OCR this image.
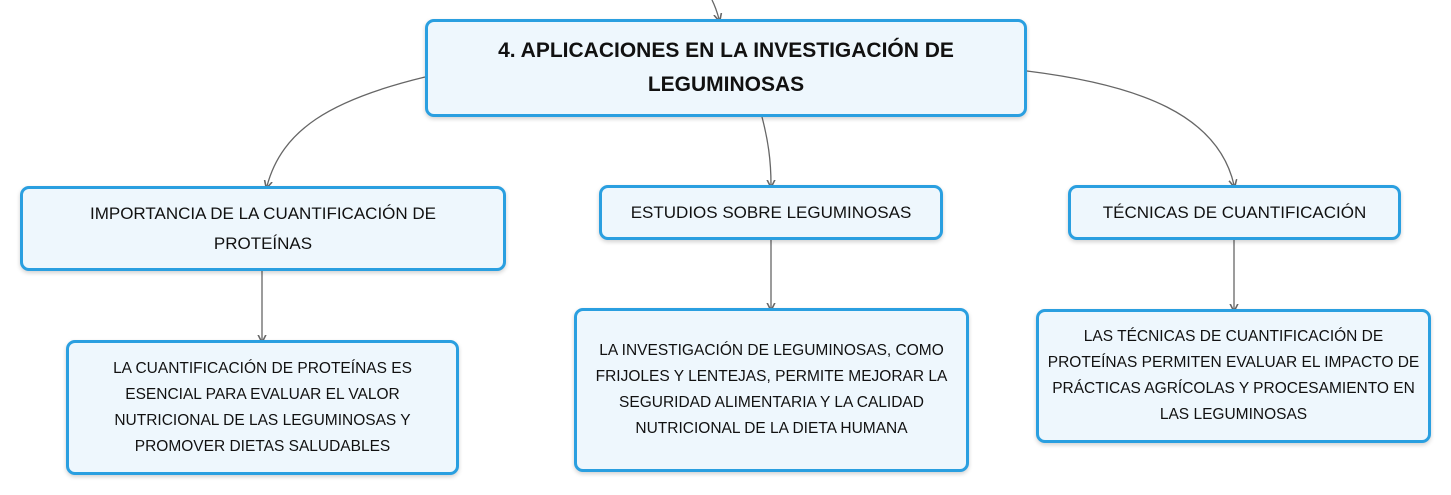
4. APLICACIONES EN LA INVESTIGACIÓN DE LEGUMINOSAS
IMPORTANCIA DE LA CUANTIFICACIÓN DE PROTEÍNAS
ESTUDIOS SOBRE LEGUMINOSAS	TÉCNICAS DE CUANTIFICACIÓN
LA CUANTIFICACIÓN DE PROTEÍNAS ES ESENCIAL PARA EVALUAR EL VALOR NUTRICIONAL DE LAS LEGUMINOSAS Y PROMOVER DIETAS SALUDABLES
LA INVESTIGACIÓN DE LEGUMINOSAS, COMO FRIJOLES Y LENTEJAS, PERMITE MEJORAR LA SEGURIDAD ALIMENTARIA Y LA CALIDAD NUTRICIONAL DE LA DIETA HUMANA
LAS TÉCNICAS DE CUANTIFICACIÓN DE PROTEÍNAS PERMITEN EVALUAR EL IMPACTO DE PRÁCTICAS AGRÍCOLAS Y PROCESAMIENTO EN LAS LEGUMINOSAS
